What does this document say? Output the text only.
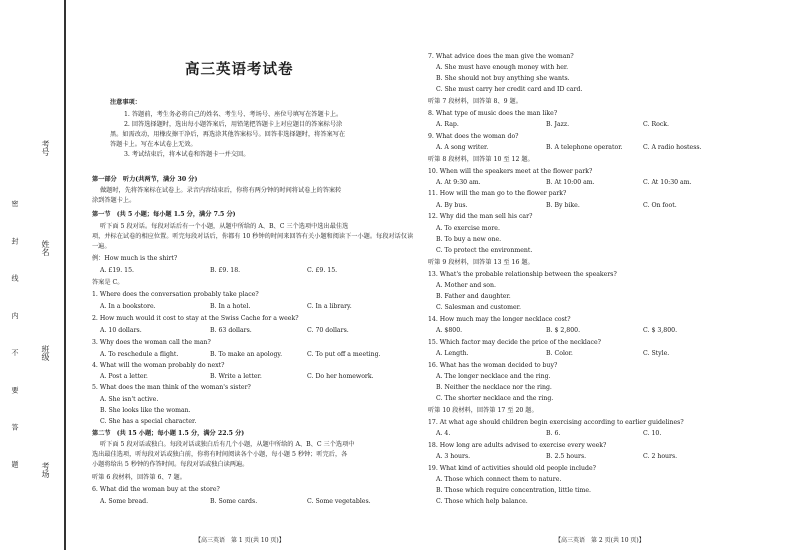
考号
姓名
班级
考场
密 封 线 内 不 要 答 题
高三英语考试卷
注意事项：
1. 答题前，考生务必将自己的姓名、考生号、考场号、座位号填写在答题卡上。
2. 回答选择题时，选出每小题答案后，用铅笔把答题卡上对应题目的答案标号涂
黑。如需改动，用橡皮擦干净后，再选涂其他答案标号。回答非选择题时，将答案写在
答题卡上。写在本试卷上无效。
3. 考试结束后，将本试卷和答题卡一并交回。
第一部分　听力(共两节，满分 30 分)
做题时，先将答案标在试卷上。录音内容结束后，你将有两分钟的时间将试卷上的答案转
涂到答题卡上。
第一节　(共 5 小题；每小题 1.5 分，满分 7.5 分)
听下面 5 段对话。每段对话后有一个小题，从题中所给的 A、B、C 三个选项中选出最佳选
项，并标在试卷的相应位置。听完每段对话后，你都有 10 秒钟的时间来回答有关小题和阅读下一小题。每段对话仅读
一遍。
例：How much is the shirt?
答案是 C。
1. Where does the conversation probably take place?
2. How much would it cost to stay at the Swiss Cache for a week?
3. Why does the woman call the man?
4. What will the woman probably do next?
5. What does the man think of the woman's sister?
A. She isn't active.
B. She looks like the woman.
C. She has a special character.
第二节　(共 15 小题；每小题 1.5 分，满分 22.5 分)
听下面 5 段对话或独白。每段对话或独白后有几个小题，从题中所给的 A、B、C 三个选项中
选出最佳选项，听每段对话或独白前，你将有时间阅读各个小题，每小题 5 秒钟；听完后，各
小题将给出 5 秒钟的作答时间。每段对话或独白读两遍。
听第 6 段材料，回答第 6、7 题。
6. What did the woman buy at the store?
A. £19. 15.	B. £9. 18.	C. £9. 15.
A. In a bookstore.	B. In a hotel.	C. In a library.
A. 10 dollars.	B. 63 dollars.	C. 70 dollars.
A. To reschedule a flight.	B. To make an apology.	C. To put off a meeting.
A. Post a letter.	B. Write a letter.	C. Do her homework.
A. Some bread.	B. Some cards.	C. Some vegetables.
7. What advice does the man give the woman?
A. She must have enough money with her.
B. She should not buy anything she wants.
C. She must carry her credit card and ID card.
听第 7 段材料，回答第 8、9 题。
8. What type of music does the man like?
9. What does the woman do?
听第 8 段材料，回答第 10 至 12 题。
10. When will the speakers meet at the flower park?
11. How will the man go to the flower park?
12. Why did the man sell his car?
A. To exercise more.
B. To buy a new one.
C. To protect the environment.
听第 9 段材料，回答第 13 至 16 题。
13. What's the probable relationship between the speakers?
A. Mother and son.
B. Father and daughter.
C. Salesman and customer.
14. How much may the longer necklace cost?
15. Which factor may decide the price of the necklace?
16. What has the woman decided to buy?
A. The longer necklace and the ring.
B. Neither the necklace nor the ring.
C. The shorter necklace and the ring.
听第 10 段材料，回答第 17 至 20 题。
17. At what age should children begin exercising according to earlier guidelines?
18. How long are adults advised to exercise every week?
19. What kind of activities should old people include?
A. Those which connect them to nature.
B. Those which require concentration, little time.
C. Those which help balance.
A. Rap.	B. Jazz.	C. Rock.
A. A song writer.	B. A telephone operator.	C. A radio hostess.
A. At 9:30 am.	B. At 10:00 am.	C. At 10:30 am.
A. By bus.	B. By bike.	C. On foot.
A. $800.	B. $ 2,800.	C. $ 3,800.
A. Length.	B. Color.	C. Style.
A. 4.	B. 6.	C. 10.
A. 3 hours.	B. 2.5 hours.	C. 2 hours.
【高三英语　第 1 页(共 10 页)】	【高三英语　第 2 页(共 10 页)】
